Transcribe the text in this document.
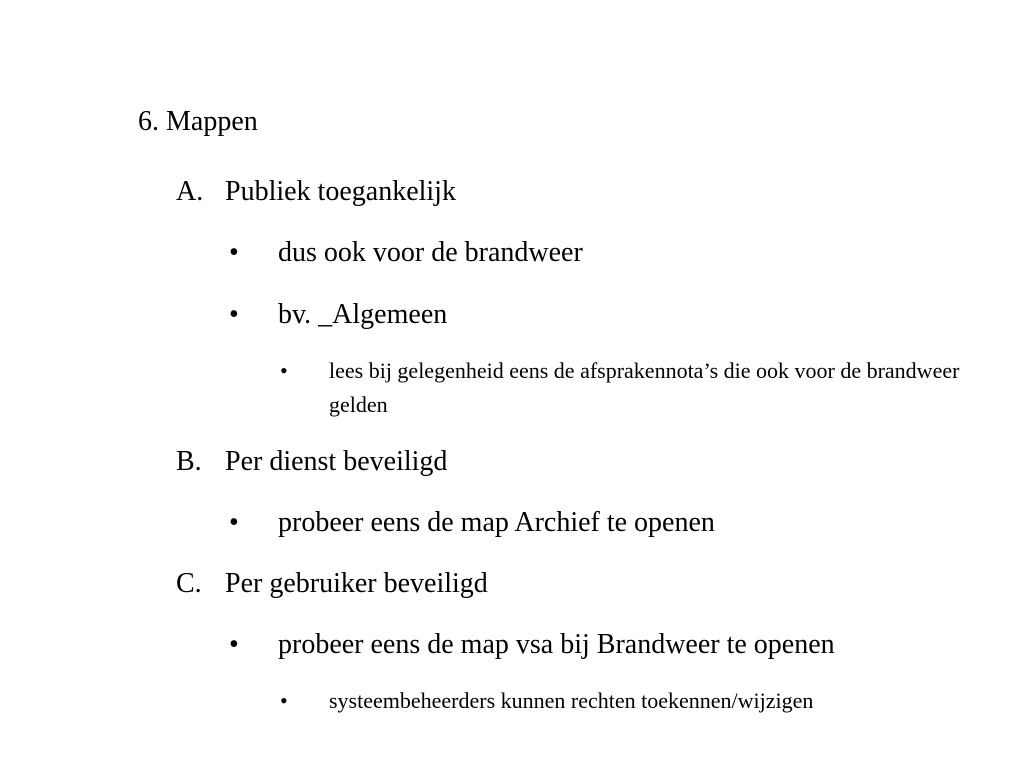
6. Mappen
A. Publiek toegankelijk
• dus ook voor de brandweer
• bv. _Algemeen
• lees bij gelegenheid eens de afsprakennota’s die ook voor de brandweer gelden
B. Per dienst beveiligd
• probeer eens de map Archief te openen
C. Per gebruiker beveiligd
• probeer eens de map vsa bij Brandweer te openen
• systeembeheerders kunnen rechten toekennen/wijzigen
